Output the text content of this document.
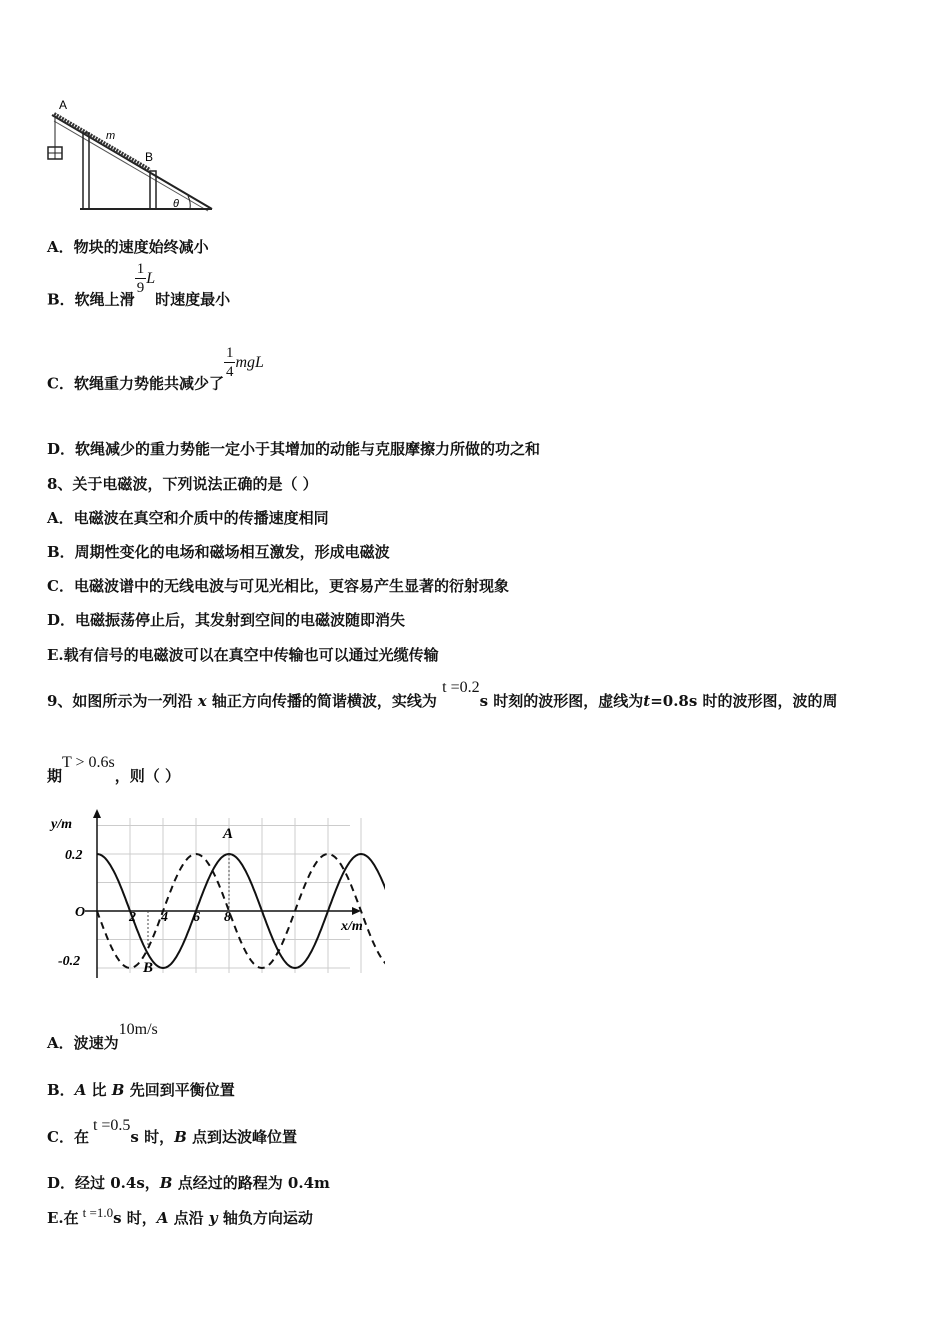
A
m
B
θ
A．物块的速度始终减小
B．软绳上滑
$\frac{1}{9}$ L时速度最小
C．软绳重力势能共减少了
$\frac{1}{4}$ mgL
D．软绳减少的重力势能一定小于其增加的动能与克服摩擦力所做的功之和
8、关于电磁波，下列说法正确的是（ ）
A．电磁波在真空和介质中的传播速度相同
B．周期性变化的电场和磁场相互激发，形成电磁波
C．电磁波谱中的无线电波与可见光相比，更容易产生显著的衍射现象
D．电磁振荡停止后，其发射到空间的电磁波随即消失
E.载有信号的电磁波可以在真空中传输也可以通过光缆传输
9、如图所示为一列沿 x 轴正方向传播的简谐横波，实线为 t =0.2s 时刻的波形图，虚线为t=0.8s 时的波形图，波的周
期T > 0.6s，则（ ）
y/m
x/m
O
0.2
-0.2
2 4 6 8
A
B
A．波速为10m/s
B．A 比 B 先回到平衡位置
C．在t =0.5s 时，B 点到达波峰位置
D．经过 0.4s，B 点经过的路程为 0.4m
E.在 t =1.0s 时，A 点沿 y 轴负方向运动
